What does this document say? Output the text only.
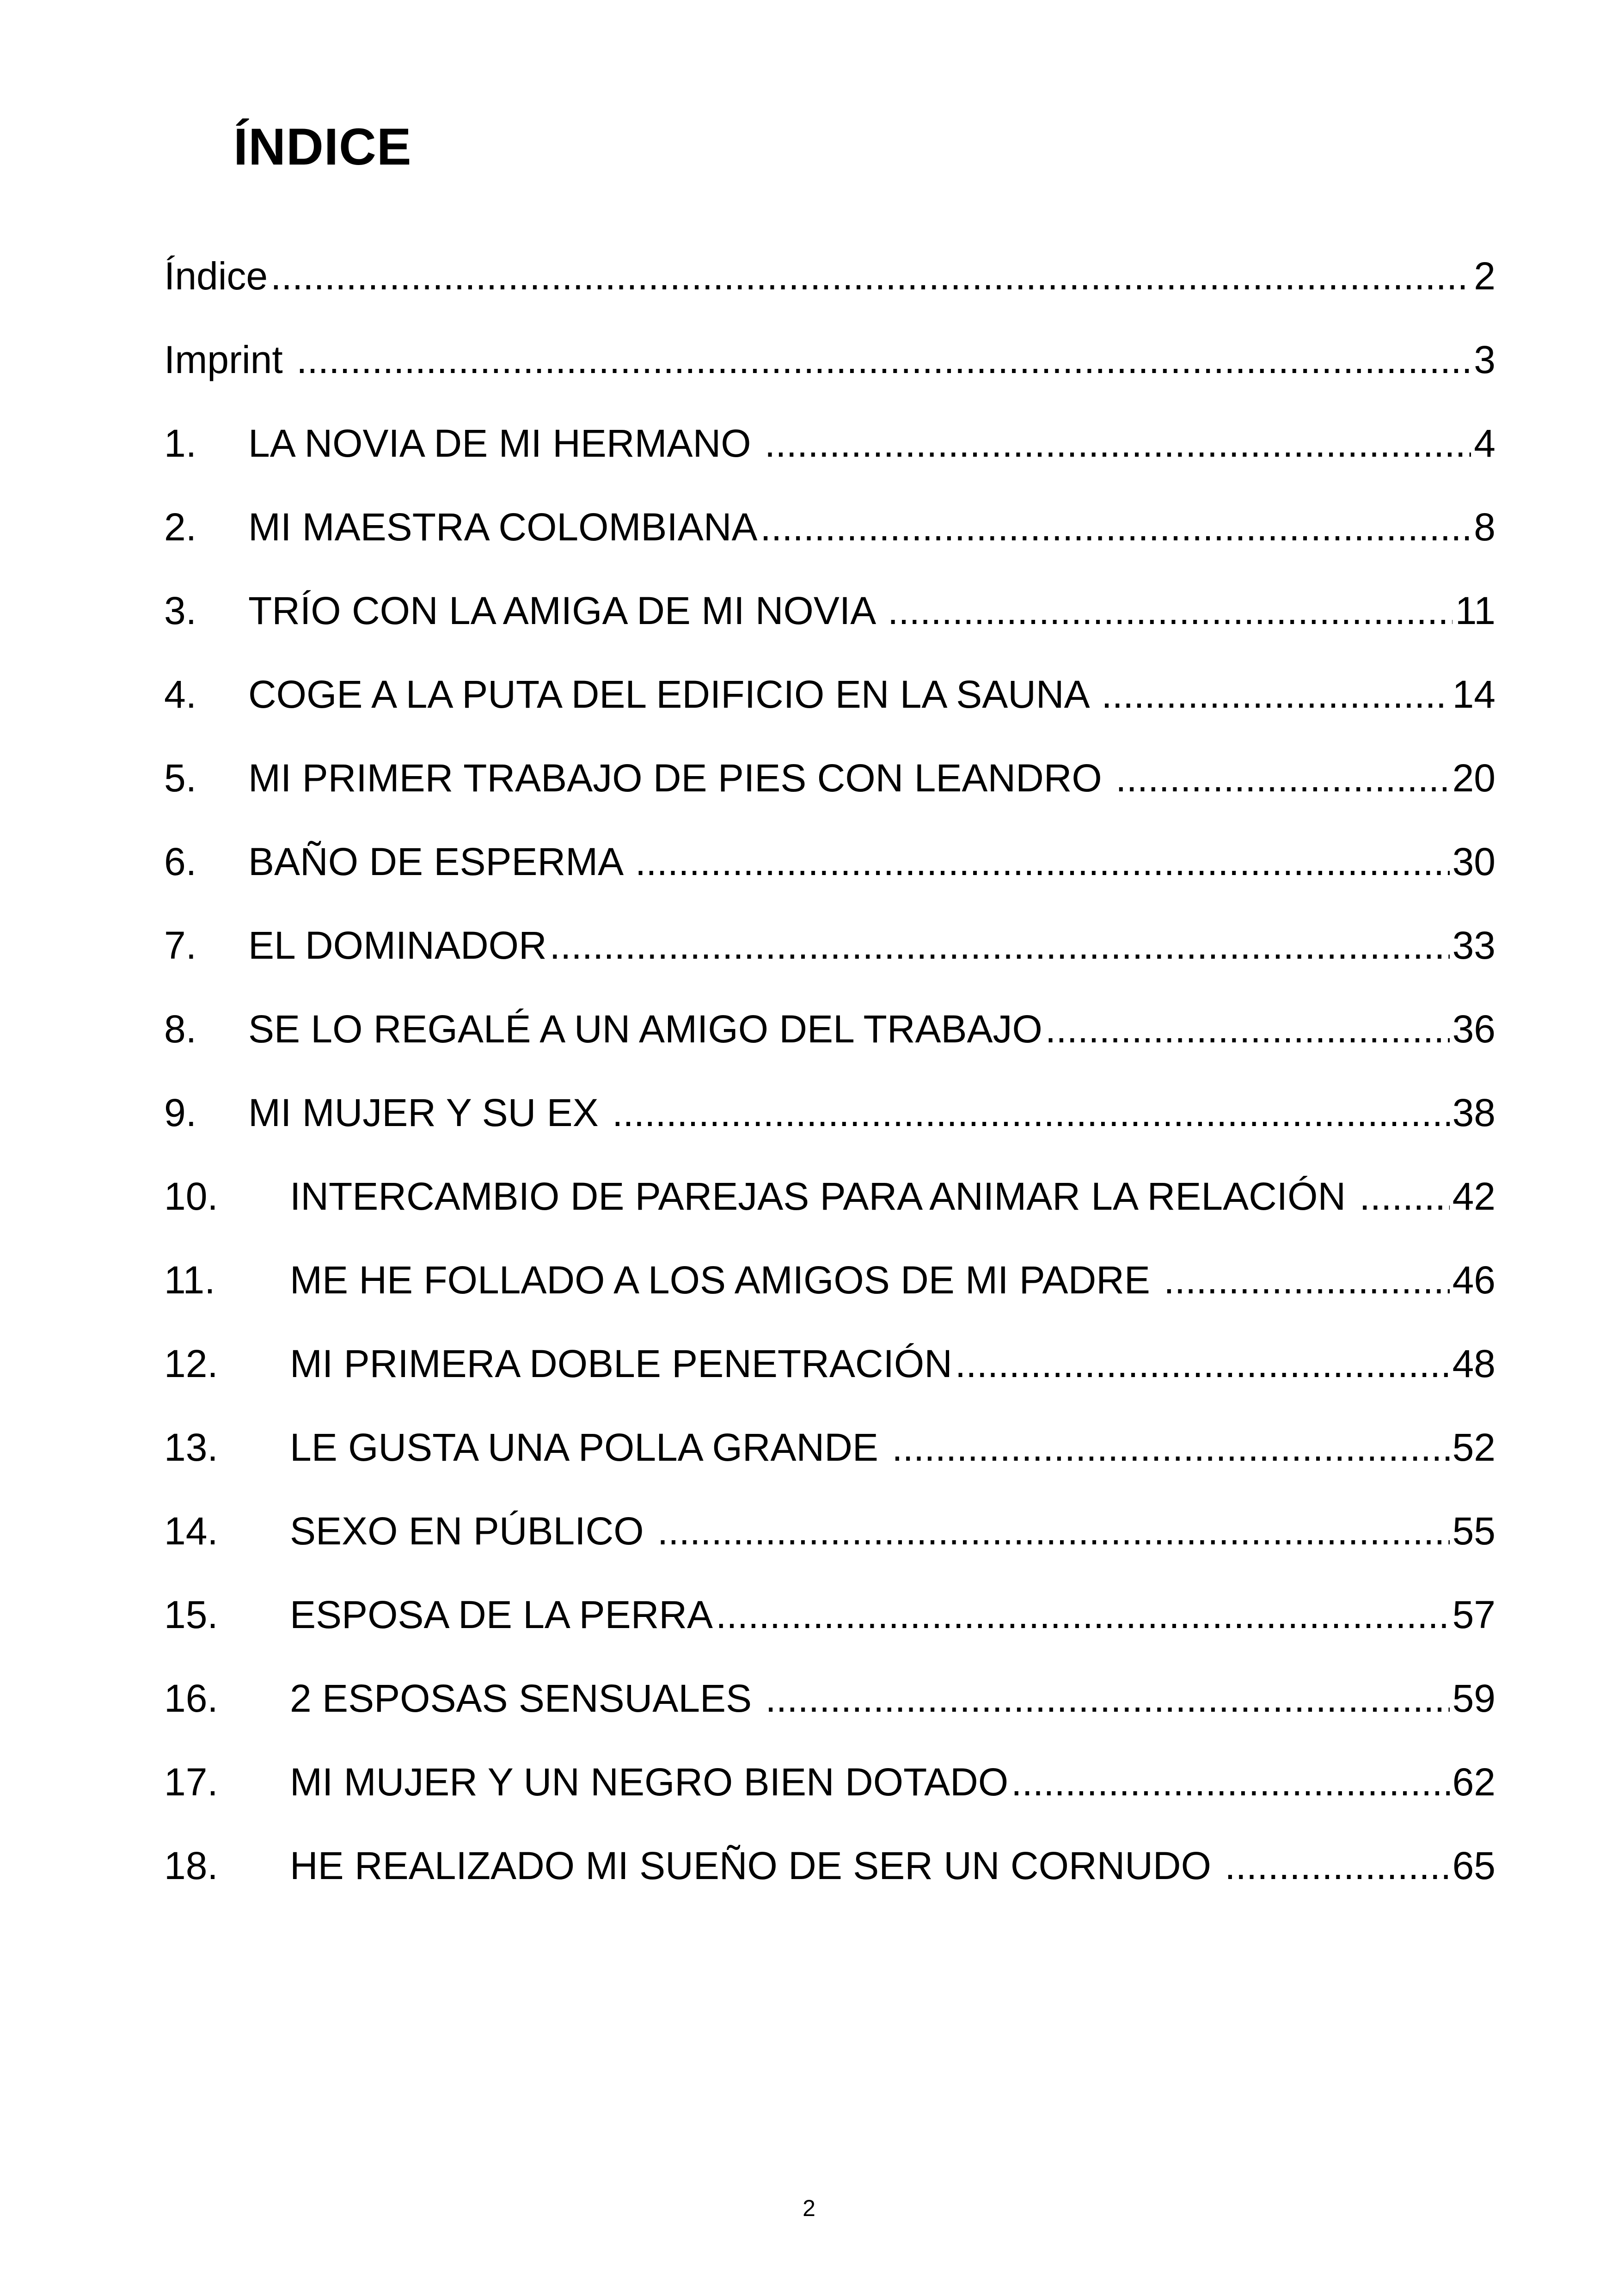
ÍNDICE
Índice .....	2
Imprint .....	3
1.	LA NOVIA DE MI HERMANO .....	4
2.	MI MAESTRA COLOMBIANA .....	8
3.	TRÍO CON LA AMIGA DE MI NOVIA .....	11
4.	COGE A LA PUTA DEL EDIFICIO EN LA SAUNA .....	14
5.	MI PRIMER TRABAJO DE PIES CON LEANDRO .....	20
6.	BAÑO DE ESPERMA .....	30
7.	EL DOMINADOR .....	33
8.	SE LO REGALÉ A UN AMIGO DEL TRABAJO .....	36
9.	MI MUJER Y SU EX .....	38
10.	INTERCAMBIO DE PAREJAS PARA ANIMAR LA RELACIÓN ..... 42
11.	ME HE FOLLADO A LOS AMIGOS DE MI PADRE .....	46
12.	MI PRIMERA DOBLE PENETRACIÓN .....	48
13.	LE GUSTA UNA POLLA GRANDE .....	52
14.	SEXO EN PÚBLICO .....	55
15.	ESPOSA DE LA PERRA .....	57
16.	2 ESPOSAS SENSUALES .....	59
17.	MI MUJER Y UN NEGRO BIEN DOTADO .....	62
18.	HE REALIZADO MI SUEÑO DE SER UN CORNUDO .....	65
2
